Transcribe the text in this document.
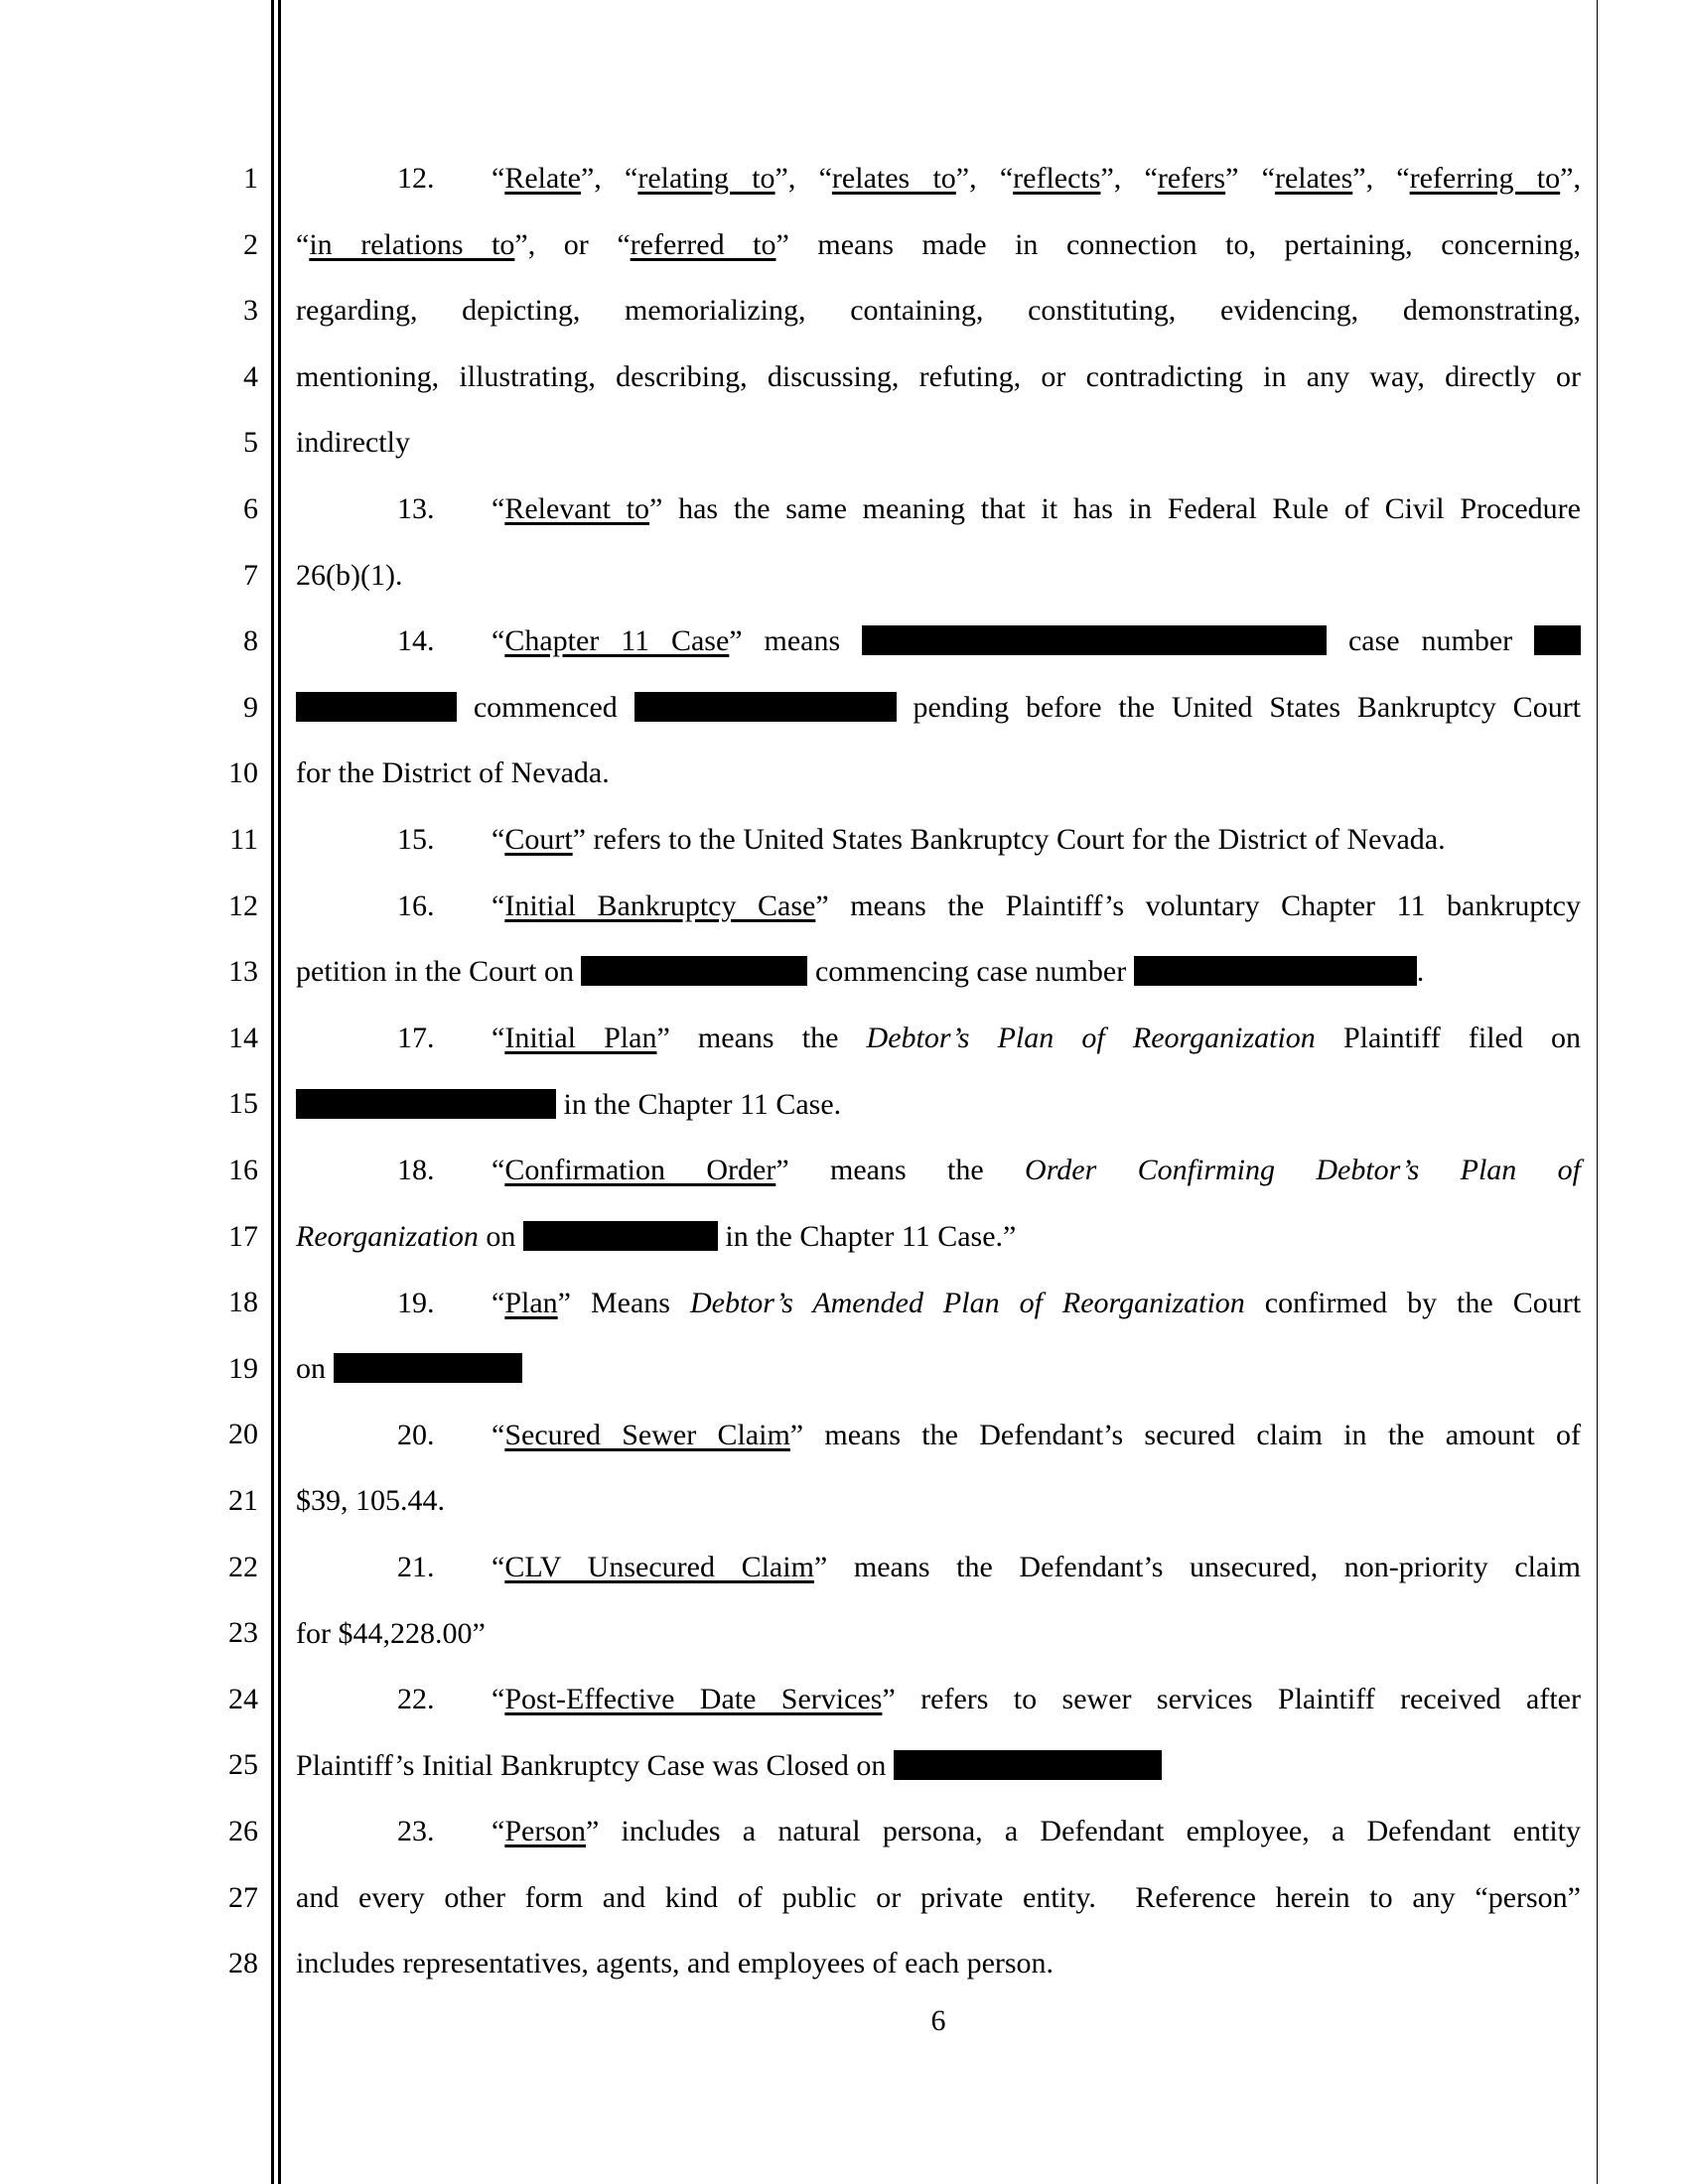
1
2
3
4
5
6
7
8
9
10
11
12
13
14
15
16
17
18
19
20
21
22
23
24
25
26
27
28
12. “Relate”, “relating to”, “relates to”, “reflects”, “refers” “relates”, “referring to”,
“in relations to”, or “referred to” means made in connection to, pertaining, concerning,
regarding, depicting, memorializing, containing, constituting, evidencing, demonstrating,
mentioning, illustrating, describing, discussing, refuting, or contradicting in any way, directly or
indirectly
13. “Relevant to” has the same meaning that it has in Federal Rule of Civil Procedure
26(b)(1).
14. “Chapter 11 Case” means	case number
commenced	pending before the United States Bankruptcy Court
for the District of Nevada.
15. “Court” refers to the United States Bankruptcy Court for the District of Nevada.
16. “Initial Bankruptcy Case” means the Plaintiff’s voluntary Chapter 11 bankruptcy
petition in the Court on	commencing case number	.
17. “Initial Plan” means the Debtor’s Plan of Reorganization Plaintiff filed on
in the Chapter 11 Case.
18. “Confirmation Order” means the Order Confirming Debtor’s Plan of
Reorganization on	in the Chapter 11 Case.”
19. “Plan” Means Debtor’s Amended Plan of Reorganization confirmed by the Court
on
20. “Secured Sewer Claim” means the Defendant’s secured claim in the amount of
$39, 105.44.
21. “CLV Unsecured Claim” means the Defendant’s unsecured, non-priority claim
for $44,228.00”
22. “Post-Effective Date Services” refers to sewer services Plaintiff received after
Plaintiff’s Initial Bankruptcy Case was Closed on
23. “Person” includes a natural persona, a Defendant employee, a Defendant entity
and every other form and kind of public or private entity.  Reference herein to any “person”
includes representatives, agents, and employees of each person.
6
